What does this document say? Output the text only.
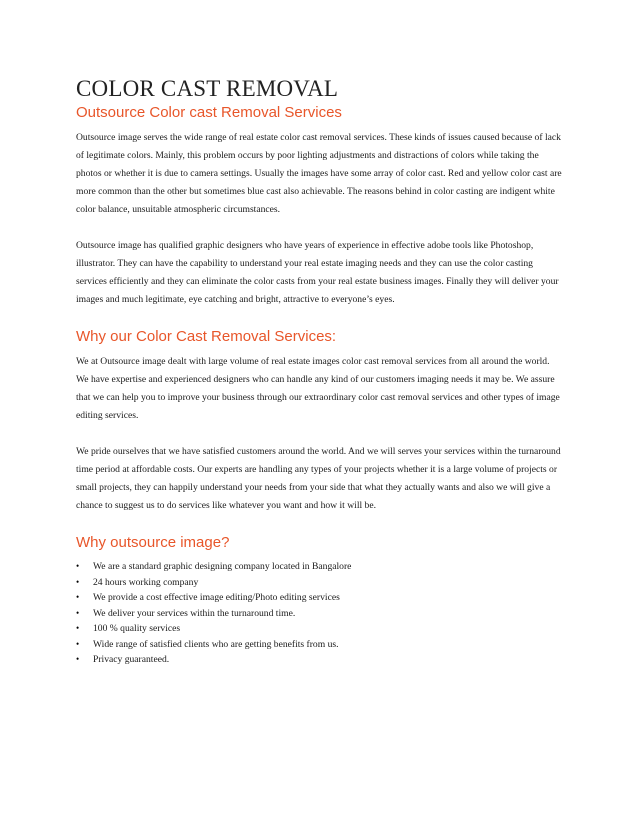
COLOR CAST REMOVAL
Outsource Color cast Removal Services

Outsource image serves the wide range of real estate color cast removal services. These kinds of issues caused because of lack of legitimate colors. Mainly, this problem occurs by poor lighting adjustments and distractions of colors while taking the photos or whether it is due to camera settings. Usually the images have some array of color cast. Red and yellow color cast are more common than the other but sometimes blue cast also achievable. The reasons behind in color casting are indigent white color balance, unsuitable atmospheric circumstances.

Outsource image has qualified graphic designers who have years of experience in effective adobe tools like Photoshop, illustrator. They can have the capability to understand your real estate imaging needs and they can use the color casting services efficiently and they can eliminate the color casts from your real estate business images. Finally they will deliver your images and much legitimate, eye catching and bright, attractive to everyone’s eyes.

Why our Color Cast Removal Services:

We at Outsource image dealt with large volume of real estate images color cast removal services from all around the world. We have expertise and experienced designers who can handle any kind of our customers imaging needs it may be. We assure that we can help you to improve your business through our extraordinary color cast removal services and other types of image editing services.

We pride ourselves that we have satisfied customers around the world. And we will serves your services within the turnaround time period at affordable costs. Our experts are handling any types of your projects whether it is a large volume of projects or small projects, they can happily understand your needs from your side that what they actually wants and also we will give a chance to suggest us to do services like whatever you want and how it will be.

Why outsource image?
•	We are a standard graphic designing company located in Bangalore
•	24 hours working company
•	We provide a cost effective image editing/Photo editing services
•	We deliver your services within the turnaround time.
•	100 % quality services
•	Wide range of satisfied clients who are getting benefits from us.
•	Privacy guaranteed.
